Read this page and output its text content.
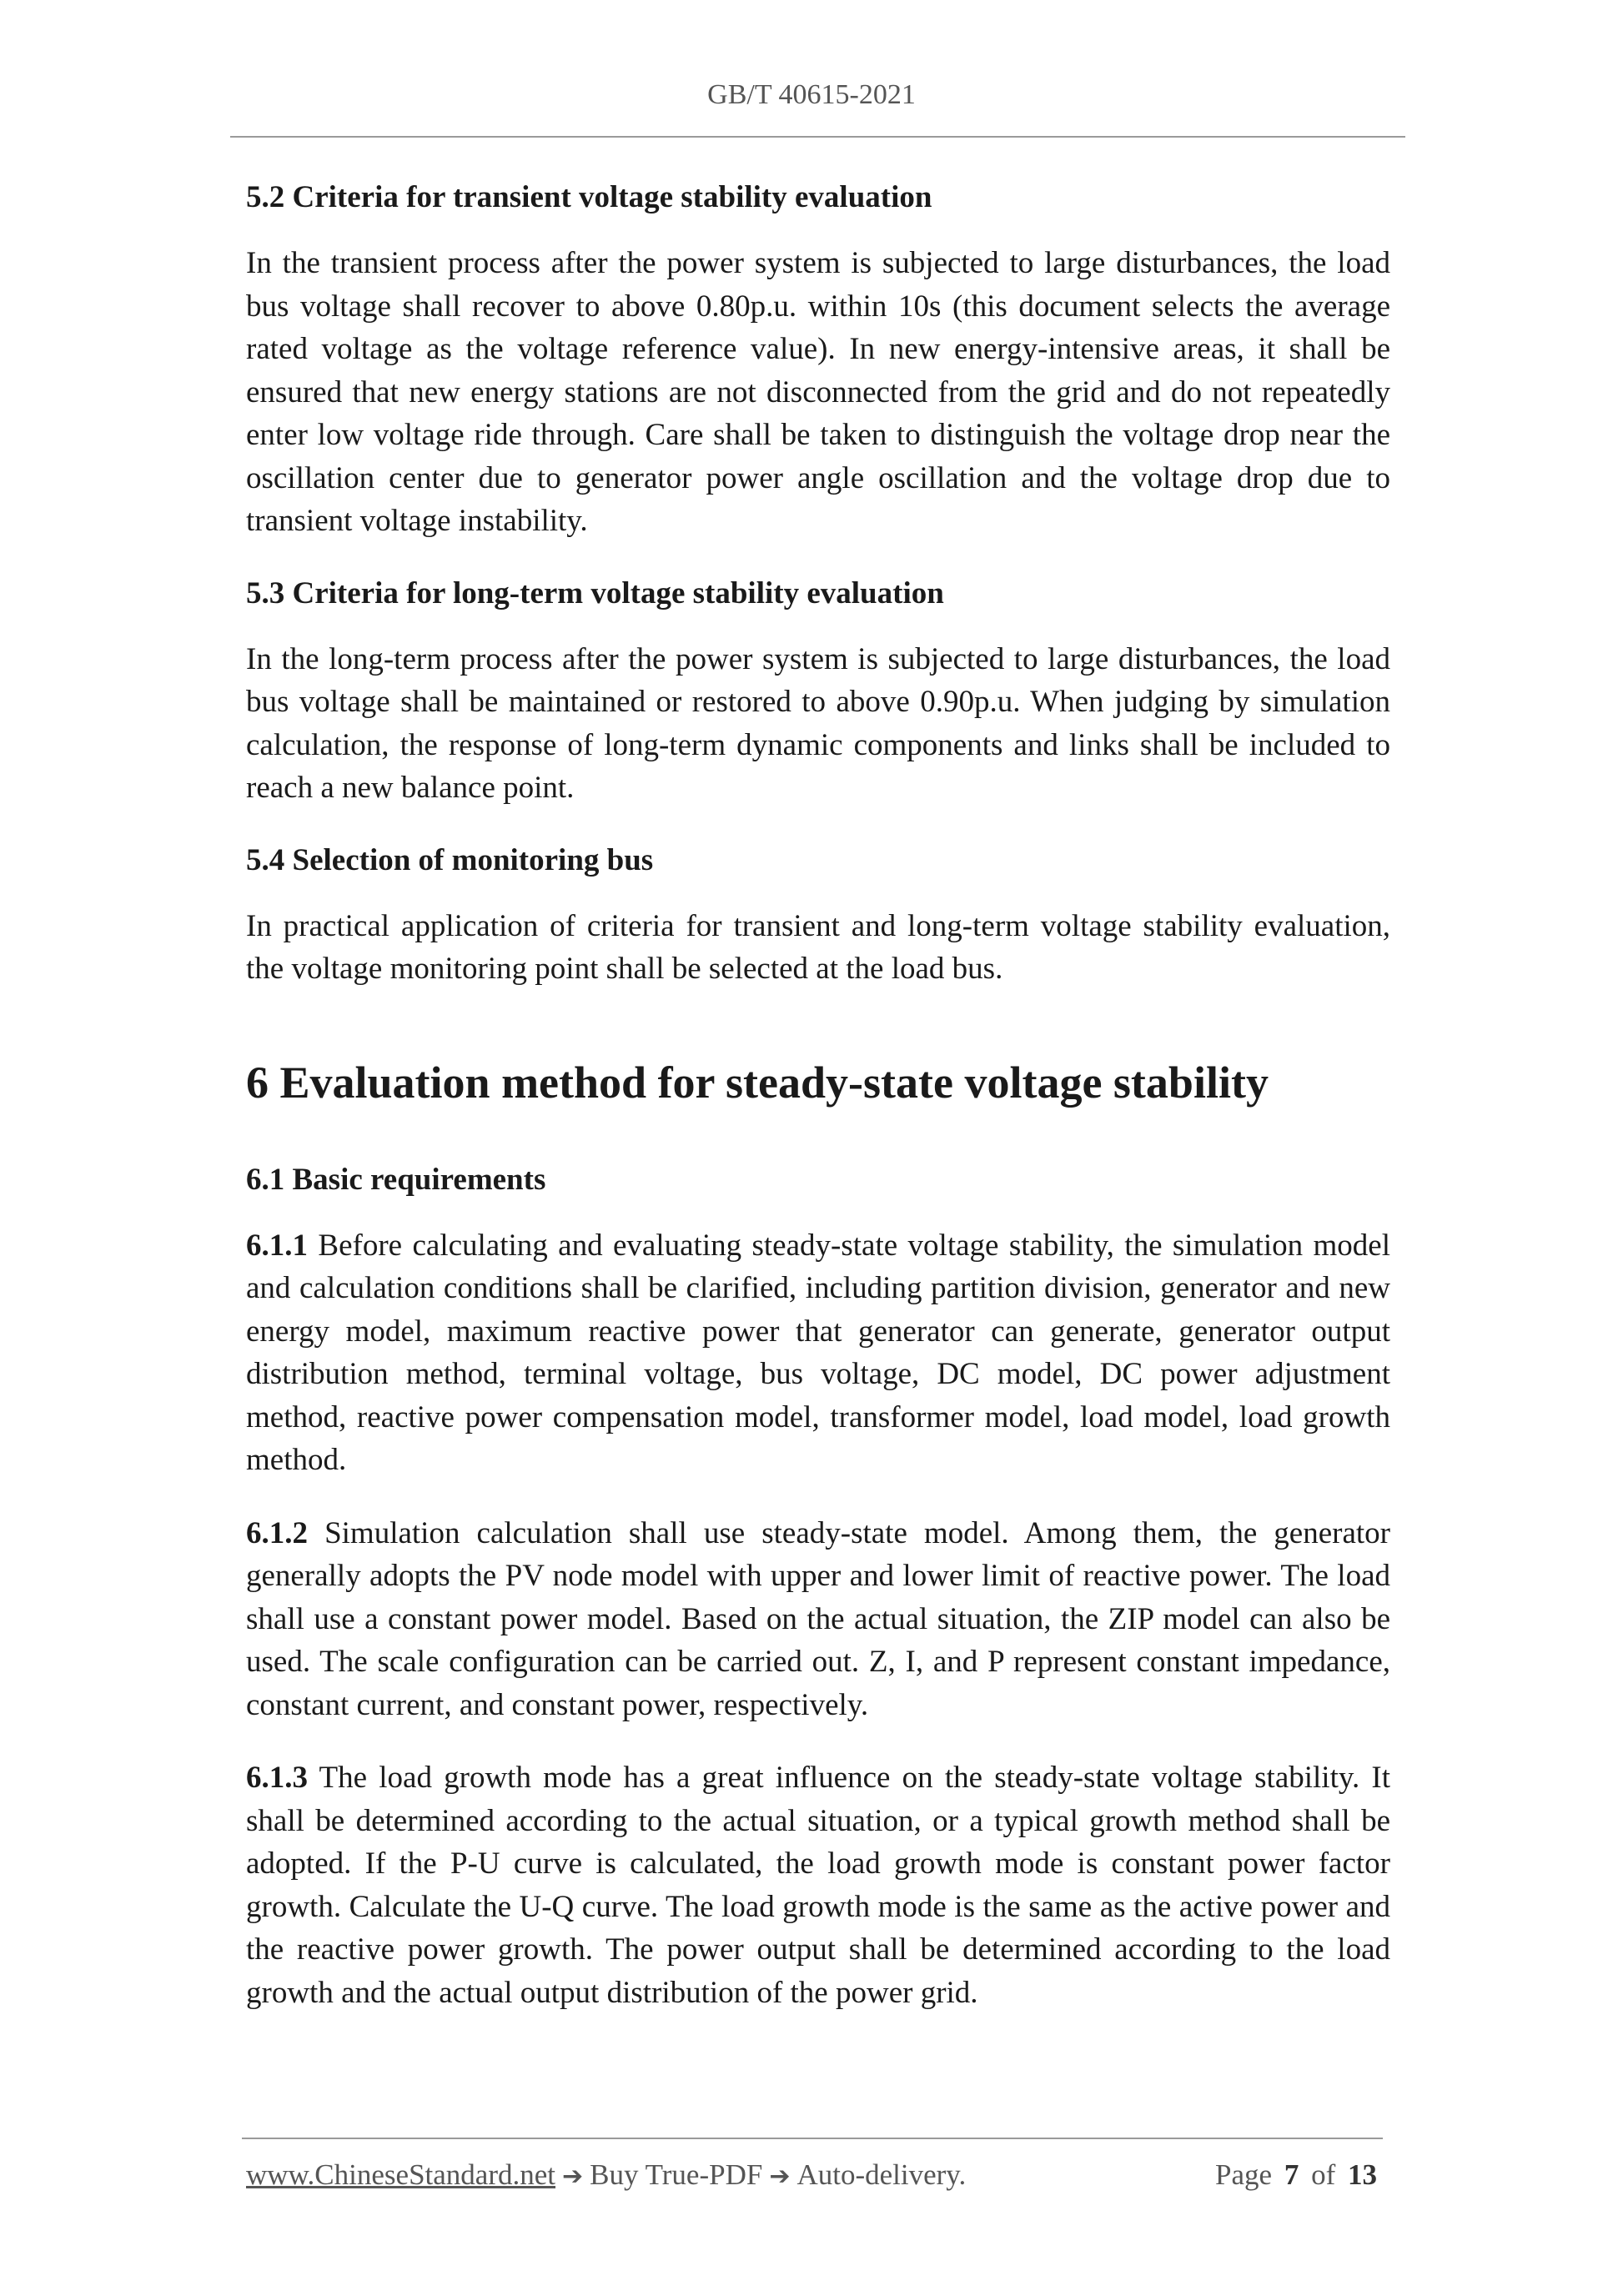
GB/T 40615-2021
5.2 Criteria for transient voltage stability evaluation

In the transient process after the power system is subjected to large disturbances, the load bus voltage shall recover to above 0.80p.u. within 10s (this document selects the average rated voltage as the voltage reference value). In new energy-intensive areas, it shall be ensured that new energy stations are not disconnected from the grid and do not repeatedly enter low voltage ride through. Care shall be taken to distinguish the voltage drop near the oscillation center due to generator power angle oscillation and the voltage drop due to transient voltage instability.

5.3 Criteria for long-term voltage stability evaluation

In the long-term process after the power system is subjected to large disturbances, the load bus voltage shall be maintained or restored to above 0.90p.u. When judging by simulation calculation, the response of long-term dynamic components and links shall be included to reach a new balance point.

5.4 Selection of monitoring bus

In practical application of criteria for transient and long-term voltage stability evaluation, the voltage monitoring point shall be selected at the load bus.

6 Evaluation method for steady-state voltage stability
6.1 Basic requirements

6.1.1 Before calculating and evaluating steady-state voltage stability, the simulation model and calculation conditions shall be clarified, including partition division, generator and new energy model, maximum reactive power that generator can generate, generator output distribution method, terminal voltage, bus voltage, DC model, DC power adjustment method, reactive power compensation model, transformer model, load model, load growth method.

6.1.2 Simulation calculation shall use steady-state model. Among them, the generator generally adopts the PV node model with upper and lower limit of reactive power. The load shall use a constant power model. Based on the actual situation, the ZIP model can also be used. The scale configuration can be carried out. Z, I, and P represent constant impedance, constant current, and constant power, respectively.

6.1.3 The load growth mode has a great influence on the steady-state voltage stability. It shall be determined according to the actual situation, or a typical growth method shall be adopted. If the P-U curve is calculated, the load growth mode is constant power factor growth. Calculate the U-Q curve. The load growth mode is the same as the active power and the reactive power growth. The power output shall be determined according to the load growth and the actual output distribution of the power grid.

www.ChineseStandard.net ➔ Buy True-PDF ➔ Auto-delivery.	Page 7 of 13
